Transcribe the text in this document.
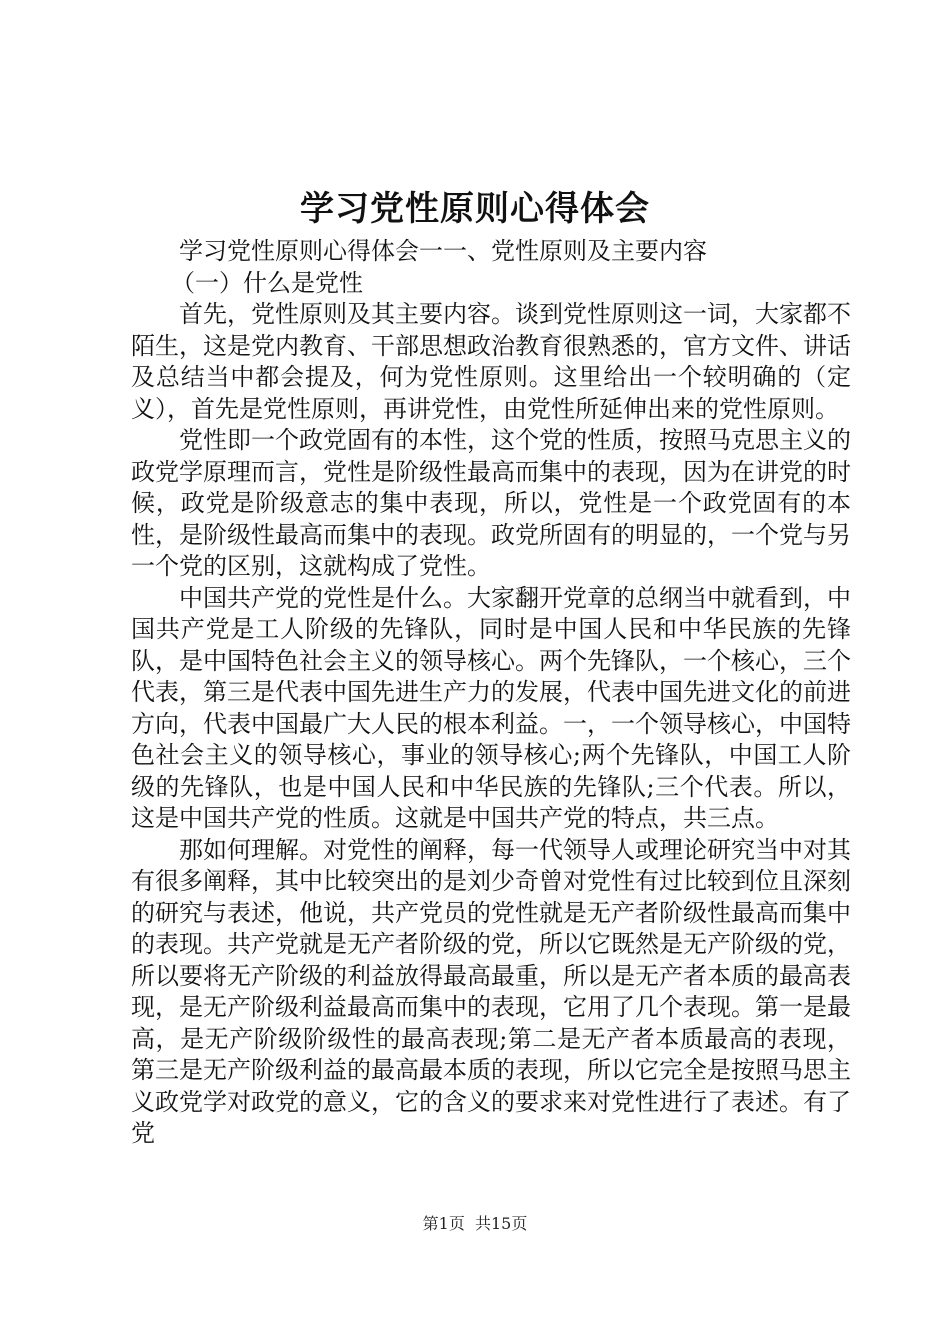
学习党性原则心得体会

学习党性原则心得体会一一、党性原则及主要内容

（一）什么是党性

首先，党性原则及其主要内容。谈到党性原则这一词，大家都不陌生，这是党内教育、干部思想政治教育很熟悉的，官方文件、讲话及总结当中都会提及，何为党性原则。这里给出一个较明确的（定义），首先是党性原则，再讲党性，由党性所延伸出来的党性原则。

党性即一个政党固有的本性，这个党的性质，按照马克思主义的政党学原理而言，党性是阶级性最高而集中的表现，因为在讲党的时候，政党是阶级意志的集中表现，所以，党性是一个政党固有的本性，是阶级性最高而集中的表现。政党所固有的明显的，一个党与另一个党的区别，这就构成了党性。

中国共产党的党性是什么。大家翻开党章的总纲当中就看到，中国共产党是工人阶级的先锋队，同时是中国人民和中华民族的先锋队，是中国特色社会主义的领导核心。两个先锋队，一个核心，三个代表，第三是代表中国先进生产力的发展，代表中国先进文化的前进方向，代表中国最广大人民的根本利益。一，一个领导核心，中国特色社会主义的领导核心，事业的领导核心;两个先锋队，中国工人阶级的先锋队，也是中国人民和中华民族的先锋队;三个代表。所以，这是中国共产党的性质。这就是中国共产党的特点，共三点。

那如何理解。对党性的阐释，每一代领导人或理论研究当中对其有很多阐释，其中比较突出的是刘少奇曾对党性有过比较到位且深刻的研究与表述，他说，共产党员的党性就是无产者阶级性最高而集中的表现。共产党就是无产者阶级的党，所以它既然是无产阶级的党，所以要将无产阶级的利益放得最高最重，所以是无产者本质的最高表现，是无产阶级利益最高而集中的表现，它用了几个表现。第一是最高，是无产阶级阶级性的最高表现;第二是无产者本质最高的表现，第三是无产阶级利益的最高最本质的表现，所以它完全是按照马思主义政党学对政党的意义，它的含义的要求来对党性进行了表述。有了党

第1页  共15页
